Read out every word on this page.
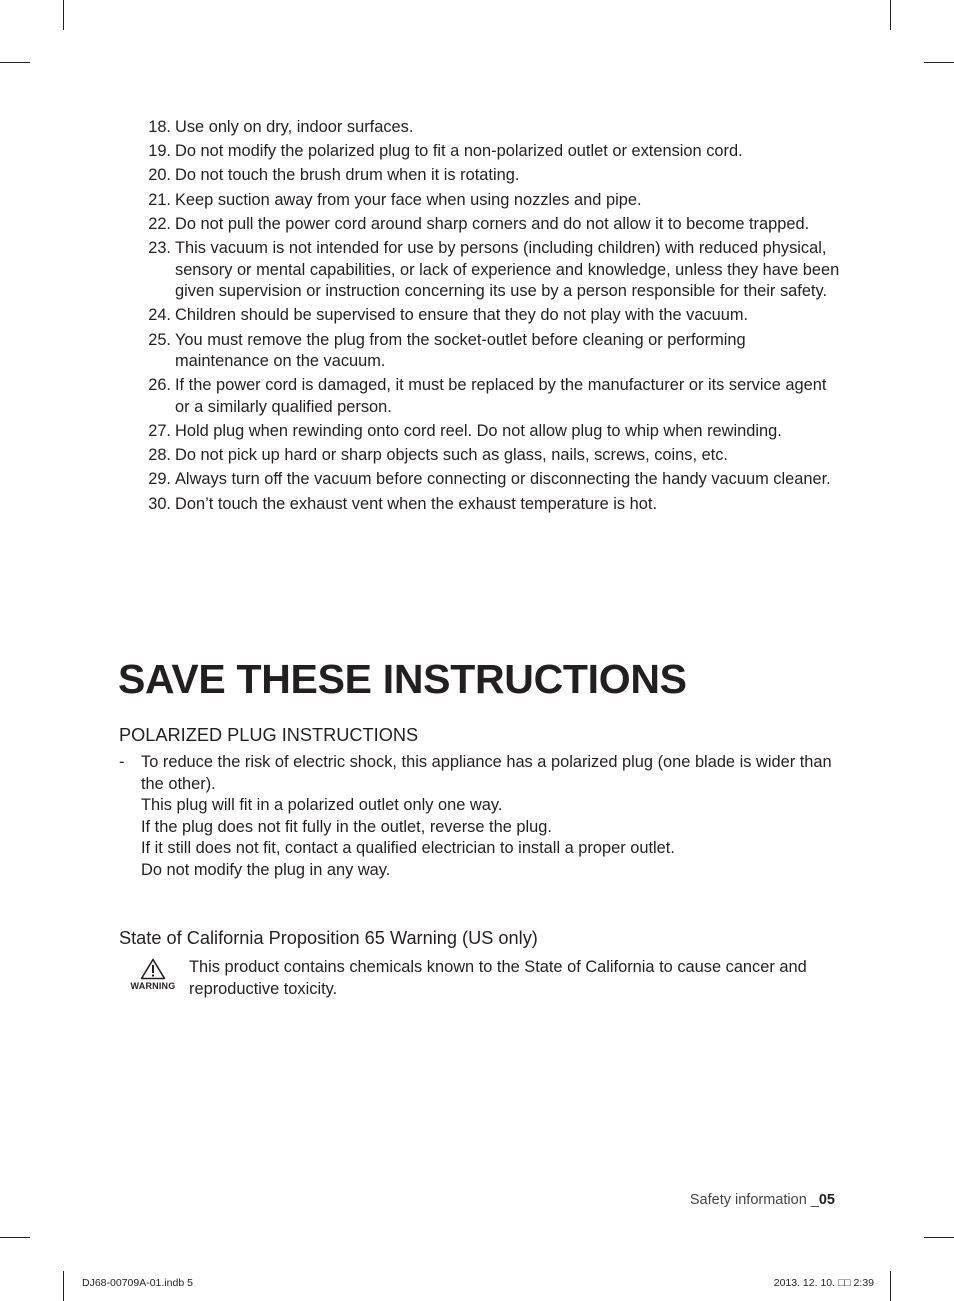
18. Use only on dry, indoor surfaces.
19. Do not modify the polarized plug to fit a non-polarized outlet or extension cord.
20. Do not touch the brush drum when it is rotating.
21. Keep suction away from your face when using nozzles and pipe.
22. Do not pull the power cord around sharp corners and do not allow it to become trapped.
23. This vacuum is not intended for use by persons (including children) with reduced physical, sensory or mental capabilities, or lack of experience and knowledge, unless they have been given supervision or instruction concerning its use by a person responsible for their safety.
24. Children should be supervised to ensure that they do not play with the vacuum.
25. You must remove the plug from the socket-outlet before cleaning or performing maintenance on the vacuum.
26. If the power cord is damaged, it must be replaced by the manufacturer or its service agent or a similarly qualified person.
27. Hold plug when rewinding onto cord reel. Do not allow plug to whip when rewinding.
28. Do not pick up hard or sharp objects such as glass, nails, screws, coins, etc.
29. Always turn off the vacuum before connecting or disconnecting the handy vacuum cleaner.
30. Don’t touch the exhaust vent when the exhaust temperature is hot.
SAVE THESE INSTRUCTIONS
POLARIZED PLUG INSTRUCTIONS
- To reduce the risk of electric shock, this appliance has a polarized plug (one blade is wider than the other).
This plug will fit in a polarized outlet only one way.
If the plug does not fit fully in the outlet, reverse the plug.
If it still does not fit, contact a qualified electrician to install a proper outlet.
Do not modify the plug in any way.
State of California Proposition 65 Warning (US only)
WARNING
This product contains chemicals known to the State of California to cause cancer and reproductive toxicity.
Safety information _05
DJ68-00709A-01.indb 5	2013. 12. 10. □□ 2:39
